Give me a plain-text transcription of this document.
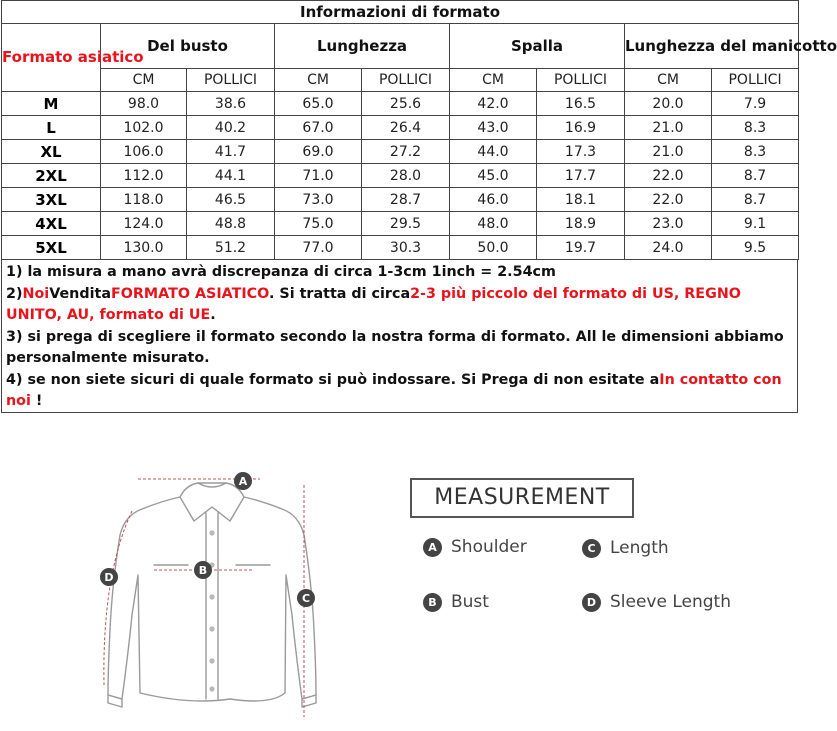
Informazioni di formato								
Formato asiatico	Del busto		Lunghezza		Spalla		Lunghezza del manicotto	
	CM	POLLICI	CM	POLLICI	CM	POLLICI	CM	POLLICI
M	98.0	38.6	65.0	25.6	42.0	16.5	20.0	7.9
L	102.0	40.2	67.0	26.4	43.0	16.9	21.0	8.3
XL	106.0	41.7	69.0	27.2	44.0	17.3	21.0	8.3
2XL	112.0	44.1	71.0	28.0	45.0	17.7	22.0	8.7
3XL	118.0	46.5	73.0	28.7	46.0	18.1	22.0	8.7
4XL	124.0	48.8	75.0	29.5	48.0	18.9	23.0	9.1
5XL	130.0	51.2	77.0	30.3	50.0	19.7	24.0	9.5

1) la misura a mano avrà discrepanza di circa 1-3cm 1inch = 2.54cm

2)NoiVenditaFORMATO ASIATICO. Si tratta di circa2-3 più piccolo del formato di US, REGNO UNITO, AU, formato di UE.

3) si prega di scegliere il formato secondo la nostra forma di formato. All le dimensioni abbiamo personalmente misurato.

4) se non siete sicuri di quale formato si può indossare. Si Prega di non esitate aIn contatto con noi !

A
B
C
D
MEASUREMENT
A Shoulder
B Bust
C Length
D Sleeve Length
